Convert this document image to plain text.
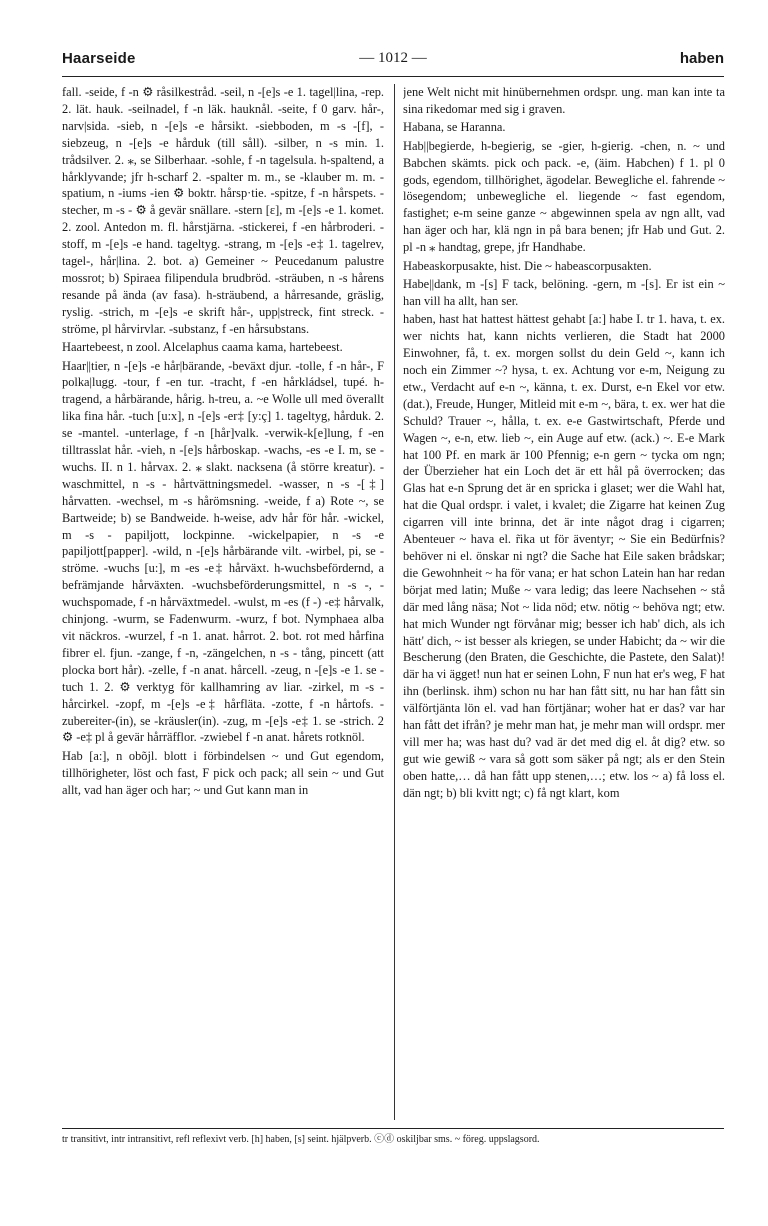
Haarseide	— 1012 —	haben

fall. -seide, f -n ⚙ råsilkestråd. -seil, n -[e]s -e 1. tagel|lina, -rep. 2. lät. hauk. -seilnadel, f -n läk. hauknål. -seite, f 0 garv. hår-, narv|sida. -sieb, n -[e]s -e hårsikt. -siebboden, m -s -[f], -siebzeug, n -[e]s -e hårduk (till såll). -silber, n -s min. 1. trådsilver. 2. ⁎, se Silberhaar. -sohle, f -n tagelsula. h-spaltend, a hårklyvande; jfr h-scharf 2. -spalter m. m., se -klauber m. m. -spatium, n -iums -ien ⚙ boktr. hårsp·tie. -spitze, f -n hårspets. -stecher, m -s - ⚙ å gevär snällare. -stern [ε], m -[e]s -e 1. komet. 2. zool. Antedon m. fl. hårstjärna. -stickerei, f -en hårbroderi. -stoff, m -[e]s -e hand. tageltyg. -strang, m -[e]s -e‡ 1. tagelrev, tagel-, hår|lina. 2. bot. a) Gemeiner ~ Peucedanum palustre mossrot; b) Spiraea filipendula brudbröd. -sträuben, n -s hårens resande på ända (av fasa). h-sträubend, a hårresande, gräslig, ryslig. -strich, m -[e]s -e skrift hår-, upp|streck, fint streck. -ströme, pl hårvirvlar. -substanz, f -en hårsubstans.

Haartebeest, n zool. Alcelaphus caama kama, hartebeest.

Haar||tier, n -[e]s -e hår|bärande, -beväxt djur. -tolle, f -n hår-, F polka|lugg. -tour, f -en tur. -tracht, f -en hårkládsel, tupé. h-tragend, a hårbärande, hårig. h-treu, a. ~e Wolle ull med överallt lika fina hår. -tuch [u:x], n -[e]s -er‡ [y:ç] 1. tageltyg, hårduk. 2. se -mantel. -unterlage, f -n [hår]valk. -verwik-k[e]lung, f -en tilltrasslat hår. -vieh, n -[e]s hårboskap. -wachs, -es -e I. m, se -wuchs. II. n 1. hårvax. 2. ⁎ slakt. nacksena (å större kreatur). -waschmittel, n -s - hårtvättningsmedel. -wasser, n -s -[‡] hårvatten. -wechsel, m -s hårömsning. -weide, f a) Rote ~, se Bartweide; b) se Bandweide. h-weise, adv hår för hår. -wickel, m -s - papiljott, lockpinne. -wickelpapier, n -s -e papiljott[papper]. -wild, n -[e]s hårbärande vilt. -wirbel, pi, se -ströme. -wuchs [u:], m -es -e‡ hårväxt. h-wuchsbefördernd, a befrämjande hårväxten. -wuchsbeförderungsmittel, n -s -, -wuchspomade, f -n hårväxtmedel. -wulst, m -es (f -) -e‡ hårvalk, chinjong. -wurm, se Fadenwurm. -wurz, f bot. Nymphaea alba vit näckros. -wurzel, f -n 1. anat. hårrot. 2. bot. rot med hårfina fibrer el. fjun. -zange, f -n, -zängelchen, n -s - tång, pincett (att plocka bort hår). -zelle, f -n anat. hårcell. -zeug, n -[e]s -e 1. se -tuch 1. 2. ⚙ verktyg för kallhamring av liar. -zirkel, m -s - hårcirkel. -zopf, m -[e]s -e‡ hårfläta. -zotte, f -n hårtofs. -zubereiter-(in), se -kräusler(in). -zug, m -[e]s -e‡ 1. se -strich. 2 ⚙ -e‡ pl å gevär hårräfflor. -zwiebel f -n anat. hårets rotknöl.

Hab [a:], n obõjl. blott i förbindelsen ~ und Gut egendom, tillhörigheter, löst och fast, F pick och pack; all sein ~ und Gut allt, vad han äger och har; ~ und Gut kann man in

jene Welt nicht mit hinübernehmen ordspr. ung. man kan inte ta sina rikedomar med sig i graven.

Habana, se Haranna.

Hab||begierde, h-begierig, se -gier, h-gierig. -chen, n. ~ und Babchen skämts. pick och pack. -e, (äim. Habchen) f 1. pl 0 gods, egendom, tillhörighet, ägodelar. Bewegliche el. fahrende ~ lösegendom; unbewegliche el. liegende ~ fast egendom, fastighet; e-m seine ganze ~ abgewinnen spela av ngn allt, vad han äger och har, klä ngn in på bara benen; jfr Hab und Gut. 2. pl -n ⁎ handtag, grepe, jfr Handhabe.

Habeaskorpusakte, hist. Die ~ habeascorpusakten.

Habe||dank, m -[s] F tack, belöning. -gern, m -[s]. Er ist ein ~ han vill ha allt, han ser.

haben, hast hat hattest hättest gehabt [a:] habe I. tr 1. hava, t. ex. wer nichts hat, kann nichts verlieren, die Stadt hat 2000 Einwohner, få, t. ex. morgen sollst du dein Geld ~, kann ich noch ein Zimmer ~? hysa, t. ex. Achtung vor e-m, Neigung zu etw., Verdacht auf e-n ~, känna, t. ex. Durst, e-n Ekel vor etw. (dat.), Freude, Hunger, Mitleid mit e-m ~, bära, t. ex. wer hat die Schuld? Trauer ~, hålla, t. ex. e-e Gastwirtschaft, Pferde und Wagen ~, e-n, etw. lieb ~, ein Auge auf etw. (ack.) ~. E-e Mark hat 100 Pf. en mark är 100 Pfennig; e-n gern ~ tycka om ngn; der Überzieher hat ein Loch det är ett hål på överrocken; das Glas hat e-n Sprung det är en spricka i glaset; wer die Wahl hat, hat die Qual ordspr. i valet, i kvalet; die Zigarre hat keinen Zug cigarren vill inte brinna, det är inte något drag i cigarren; Abenteuer ~ hava el. r̃ika ut för äventyr; ~ Sie ein Bedürfnis? behöver ni el. önskar ni ngt? die Sache hat Eile saken brådskar; die Gewohnheit ~ ha för vana; er hat schon Latein han har redan börjat med latin; Muße ~ vara ledig; das leere Nachsehen ~ stå där med lång näsa; Not ~ lida nöd; etw. nötig ~ behöva ngt; etw. hat mich Wunder ngt förvånar mig; besser ich hab' dich, als ich hätt' dich, ~ ist besser als kriegen, se under Habicht; da ~ wir die Bescherung (den Braten, die Geschichte, die Pastete, den Salat)! där ha vi ägget! nun hat er seinen Lohn, F nun hat er's weg, F hat ihn (berlinsk. ihm) schon nu har han fått sitt, nu har han fått sin välförtjänta lön el. vad han förtjänar; woher hat er das? var har han fått det ifrån? je mehr man hat, je mehr man will ordspr. mer vill mer ha; was hast du? vad är det med dig el. åt dig? etw. so gut wie gewiß ~ vara så gott som säker på ngt; als er den Stein oben hatte,… då han fått upp stenen,…; etw. los ~ a) få loss el. dän ngt; b) bli kvitt ngt; c) få ngt klart, kom

tr transitivt, intr intransitivt, refl reflexivt verb. [h] haben, [s] seint. hjälpverb. ⓒⓓ oskiljbar sms. ~ föreg. uppslagsord.
